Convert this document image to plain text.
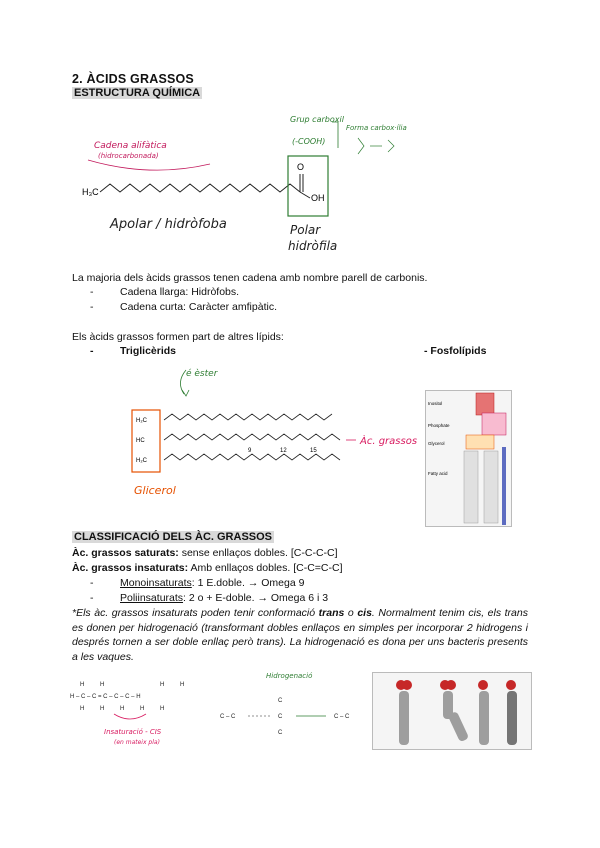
2. ÀCIDS GRASSOS
ESTRUCTURA QUÍMICA
H₃C
O
OH
Cadena alifàtica
(hidrocarbonada)
Apolar / hidròfoba
Grup carboxil
(-COOH)
Forma carbox·ília
Polar
hidròfila
La majoria dels àcids grassos tenen cadena amb nombre parell de carbonis.
-	Cadena llarga: Hidròfobs.
-	Cadena curta: Caràcter amfipàtic.
Els àcids grassos formen part de altres lípids:
-	Triglicèrids	- Fosfolípids
é èster
H₂C
HC
H₂C
9	12	15
Àc. grassos
Glicerol
Inositol
Phosphate
Glycerol
Fatty acid
CLASSIFICACIÓ DELS ÀC. GRASSOS
Àc. grassos saturats: sense enllaços dobles. [C-C-C-C]
Àc. grassos insaturats: Amb enllaços dobles. [C-C=C-C]
-	Monoinsaturats: 1 E.doble. → Omega 9
-	Poliinsaturats: 2 o + E-doble. → Omega 6 i 3
*Els àc. grassos insaturats poden tenir conformació trans o cis. Normalment tenim cis, els trans es donen per hidrogenació (transformant dobles enllaços en simples per incorporar 2 hidrogens i després tornen a ser doble enllaç però trans). La hidrogenació es dona per uns bacteris presents a les vaques.
H	H	H	H
H – C – C = C – C – C – H
H	H	H	H	H
Insaturació - CIS
(en mateix pla)
Hidrogenació
C – C
C
C
C
C – C
